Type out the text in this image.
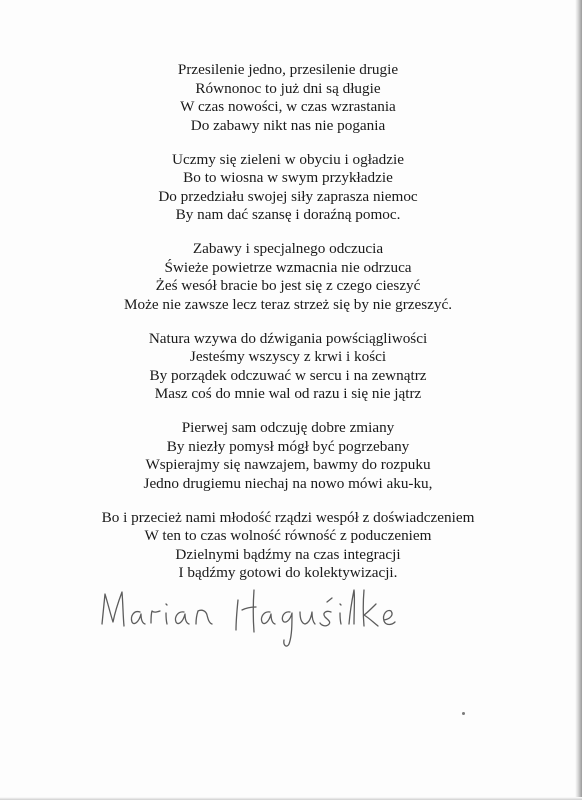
Przesilenie jedno, przesilenie drugie
Równonoc to już dni są długie
W czas nowości, w czas wzrastania
Do zabawy nikt nas nie pogania
Uczmy się zieleni w obyciu i ogładzie
Bo to wiosna w swym przykładzie
Do przedziału swojej siły zaprasza niemoc
By nam dać szansę i doraźną pomoc.
Zabawy i specjalnego odczucia
Świeże powietrze wzmacnia nie odrzuca
Żeś wesół bracie bo jest się z czego cieszyć
Może nie zawsze lecz teraz strzeż się by nie grzeszyć.
Natura wzywa do dźwigania powściągliwości
Jesteśmy wszyscy z krwi i kości
By porządek odczuwać w sercu i na zewnątrz
Masz coś do mnie wal od razu i się nie jątrz
Pierwej sam odczuję dobre zmiany
By niezły pomysł mógł być pogrzebany
Wspierajmy się nawzajem, bawmy do rozpuku
Jedno drugiemu niechaj na nowo mówi aku-ku,
Bo i przecież nami młodość rządzi wespół z doświadczeniem
W ten to czas wolność równość z poduczeniem
Dzielnymi bądźmy na czas integracji
I bądźmy gotowi do kolektywizacji.
